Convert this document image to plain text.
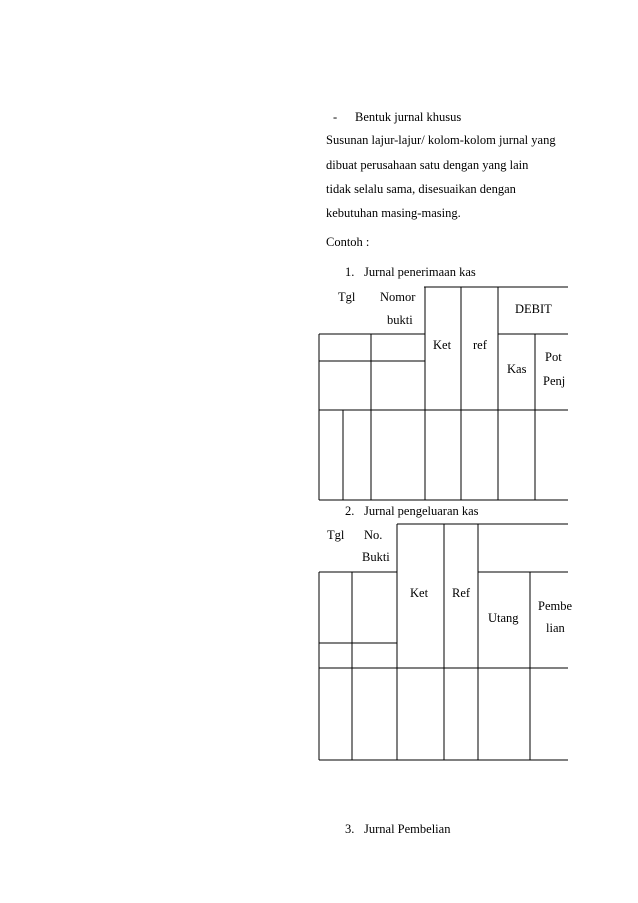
- Bentuk jurnal khusus
Susunan lajur-lajur/ kolom-kolom jurnal yang
dibuat perusahaan satu dengan yang lain
tidak selalu sama, disesuaikan dengan
kebutuhan masing-masing.
Contoh :
1. Jurnal penerimaan kas
Tgl Nomor
bukti
Ket ref
DEBIT
Kas
Pot
Penj
2. Jurnal pengeluaran kas
Tgl No.
Bukti
Ket Ref
Utang
Pembe
lian
3. Jurnal Pembelian
